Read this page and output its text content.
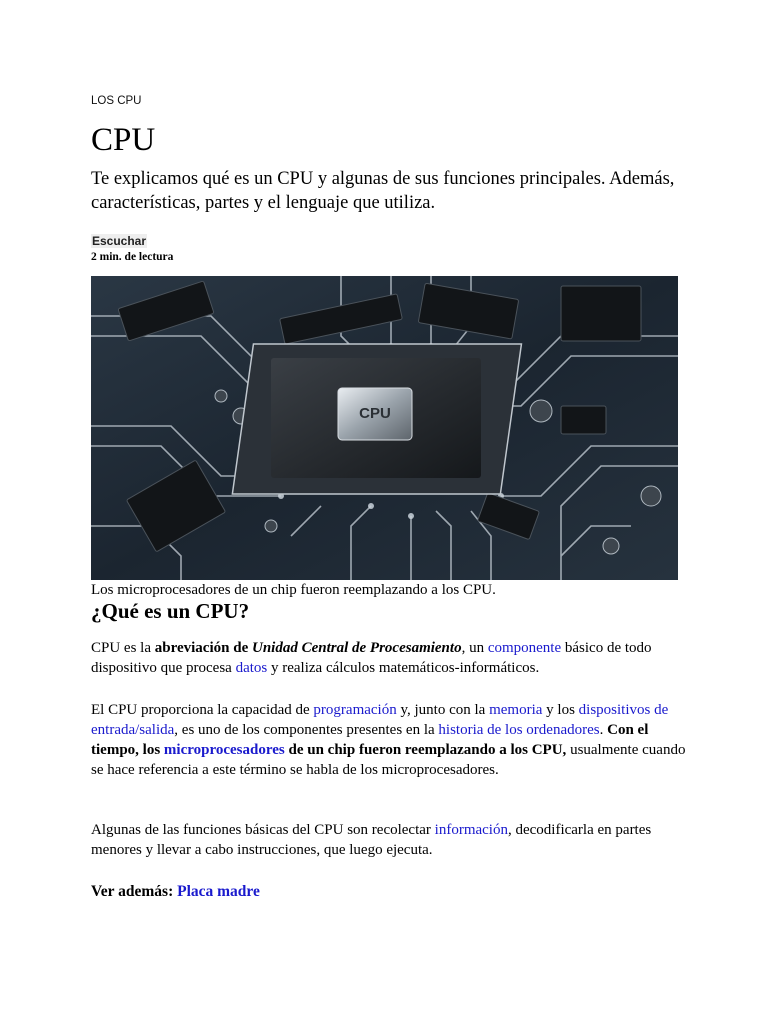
LOS CPU
CPU

Te explicamos qué es un CPU y algunas de sus funciones principales. Además, características, partes y el lenguaje que utiliza.

Escuchar
2 min. de lectura
CPU
Los microprocesadores de un chip fueron reemplazando a los CPU.
¿Qué es un CPU?

CPU es la abreviación de Unidad Central de Procesamiento, un componente básico de todo dispositivo que procesa datos y realiza cálculos matemáticos-informáticos.

El CPU proporciona la capacidad de programación y, junto con la memoria y los dispositivos de entrada/salida, es uno de los componentes presentes en la historia de los ordenadores. Con el tiempo, los microprocesadores de un chip fueron reemplazando a los CPU, usualmente cuando se hace referencia a este término se habla de los microprocesadores.

Algunas de las funciones básicas del CPU son recolectar información, decodificarla en partes menores y llevar a cabo instrucciones, que luego ejecuta.

Ver además: Placa madre
